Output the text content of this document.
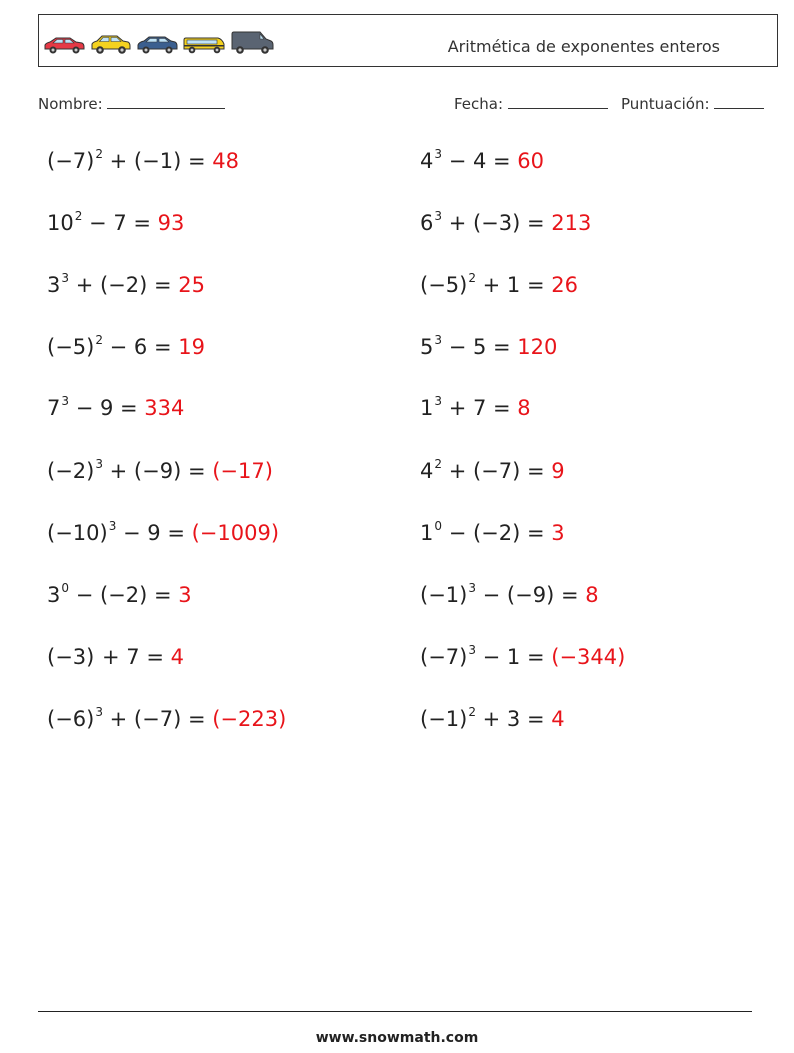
Aritmética de exponentes enteros
Nombre:	Fecha:	Puntuación:
$(-7)^2 + (-1) = 48$	$4^3 - 4 = 60$
$10^2 - 7 = 93$	$6^3 + (-3) = 213$
$3^3 + (-2) = 25$	$(-5)^2 + 1 = 26$
$(-5)^2 - 6 = 19$	$5^3 - 5 = 120$
$7^3 - 9 = 334$	$1^3 + 7 = 8$
$(-2)^3 + (-9) = (-17)$	$4^2 + (-7) = 9$
$(-10)^3 - 9 = (-1009)$	$1^0 - (-2) = 3$
$3^0 - (-2) = 3$	$(-1)^3 - (-9) = 8$
(−3) + 7 = 4	$(-7)^3 - 1 = (-344)$
$(-6)^3 + (-7) = (-223)$	$(-1)^2 + 3 = 4$
www.snowmath.com
